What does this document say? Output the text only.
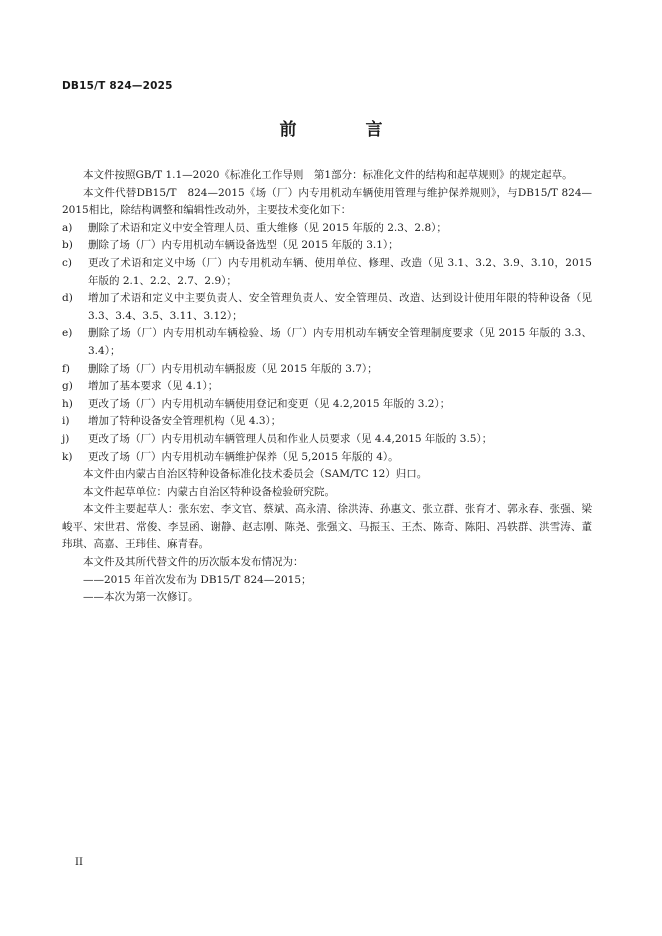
DB15/T 824—2025
前　言

本文件按照GB/T 1.1—2020《标准化工作导则　第1部分：标准化文件的结构和起草规则》的规定起草。

本文件代替DB15/T　824—2015《场（厂）内专用机动车辆使用管理与维护保养规则》，与DB15/T 824—2015相比，除结构调整和编辑性改动外，主要技术变化如下：

a)	删除了术语和定义中安全管理人员、重大维修（见 2015 年版的 2.3、2.8）；
b)	删除了场（厂）内专用机动车辆设备选型（见 2015 年版的 3.1）；
c)	更改了术语和定义中场（厂）内专用机动车辆、使用单位、修理、改造（见 3.1、3.2、3.9、3.10，2015 年版的 2.1、2.2、2.7、2.9）；
d)	增加了术语和定义中主要负责人、安全管理负责人、安全管理员、改造、达到设计使用年限的特种设备（见 3.3、3.4、3.5、3.11、3.12）；
e)	删除了场（厂）内专用机动车辆检验、场（厂）内专用机动车辆安全管理制度要求（见 2015 年版的 3.3、3.4）；
f)	删除了场（厂）内专用机动车辆报废（见 2015 年版的 3.7）；
g)	增加了基本要求（见 4.1）；
h)	更改了场（厂）内专用机动车辆使用登记和变更（见 4.2,2015 年版的 3.2）；
i)	增加了特种设备安全管理机构（见 4.3）；
j)	更改了场（厂）内专用机动车辆管理人员和作业人员要求（见 4.4,2015 年版的 3.5）；
k)	更改了场（厂）内专用机动车辆维护保养（见 5,2015 年版的 4）。

本文件由内蒙古自治区特种设备标准化技术委员会（SAM/TC 12）归口。

本文件起草单位：内蒙古自治区特种设备检验研究院。

本文件主要起草人：张东宏、李文官、蔡斌、高永清、徐洪涛、孙惠文、张立群、张育才、郭永春、张强、梁峻平、宋世君、常俊、李昱函、谢静、赵志刚、陈尧、张强文、马振玉、王杰、陈奇、陈阳、冯轶群、洪雪涛、董玮琪、高嘉、王玮佳、麻青春。

本文件及其所代替文件的历次版本发布情况为：

——2015 年首次发布为 DB15/T 824—2015；

——本次为第一次修订。

II
